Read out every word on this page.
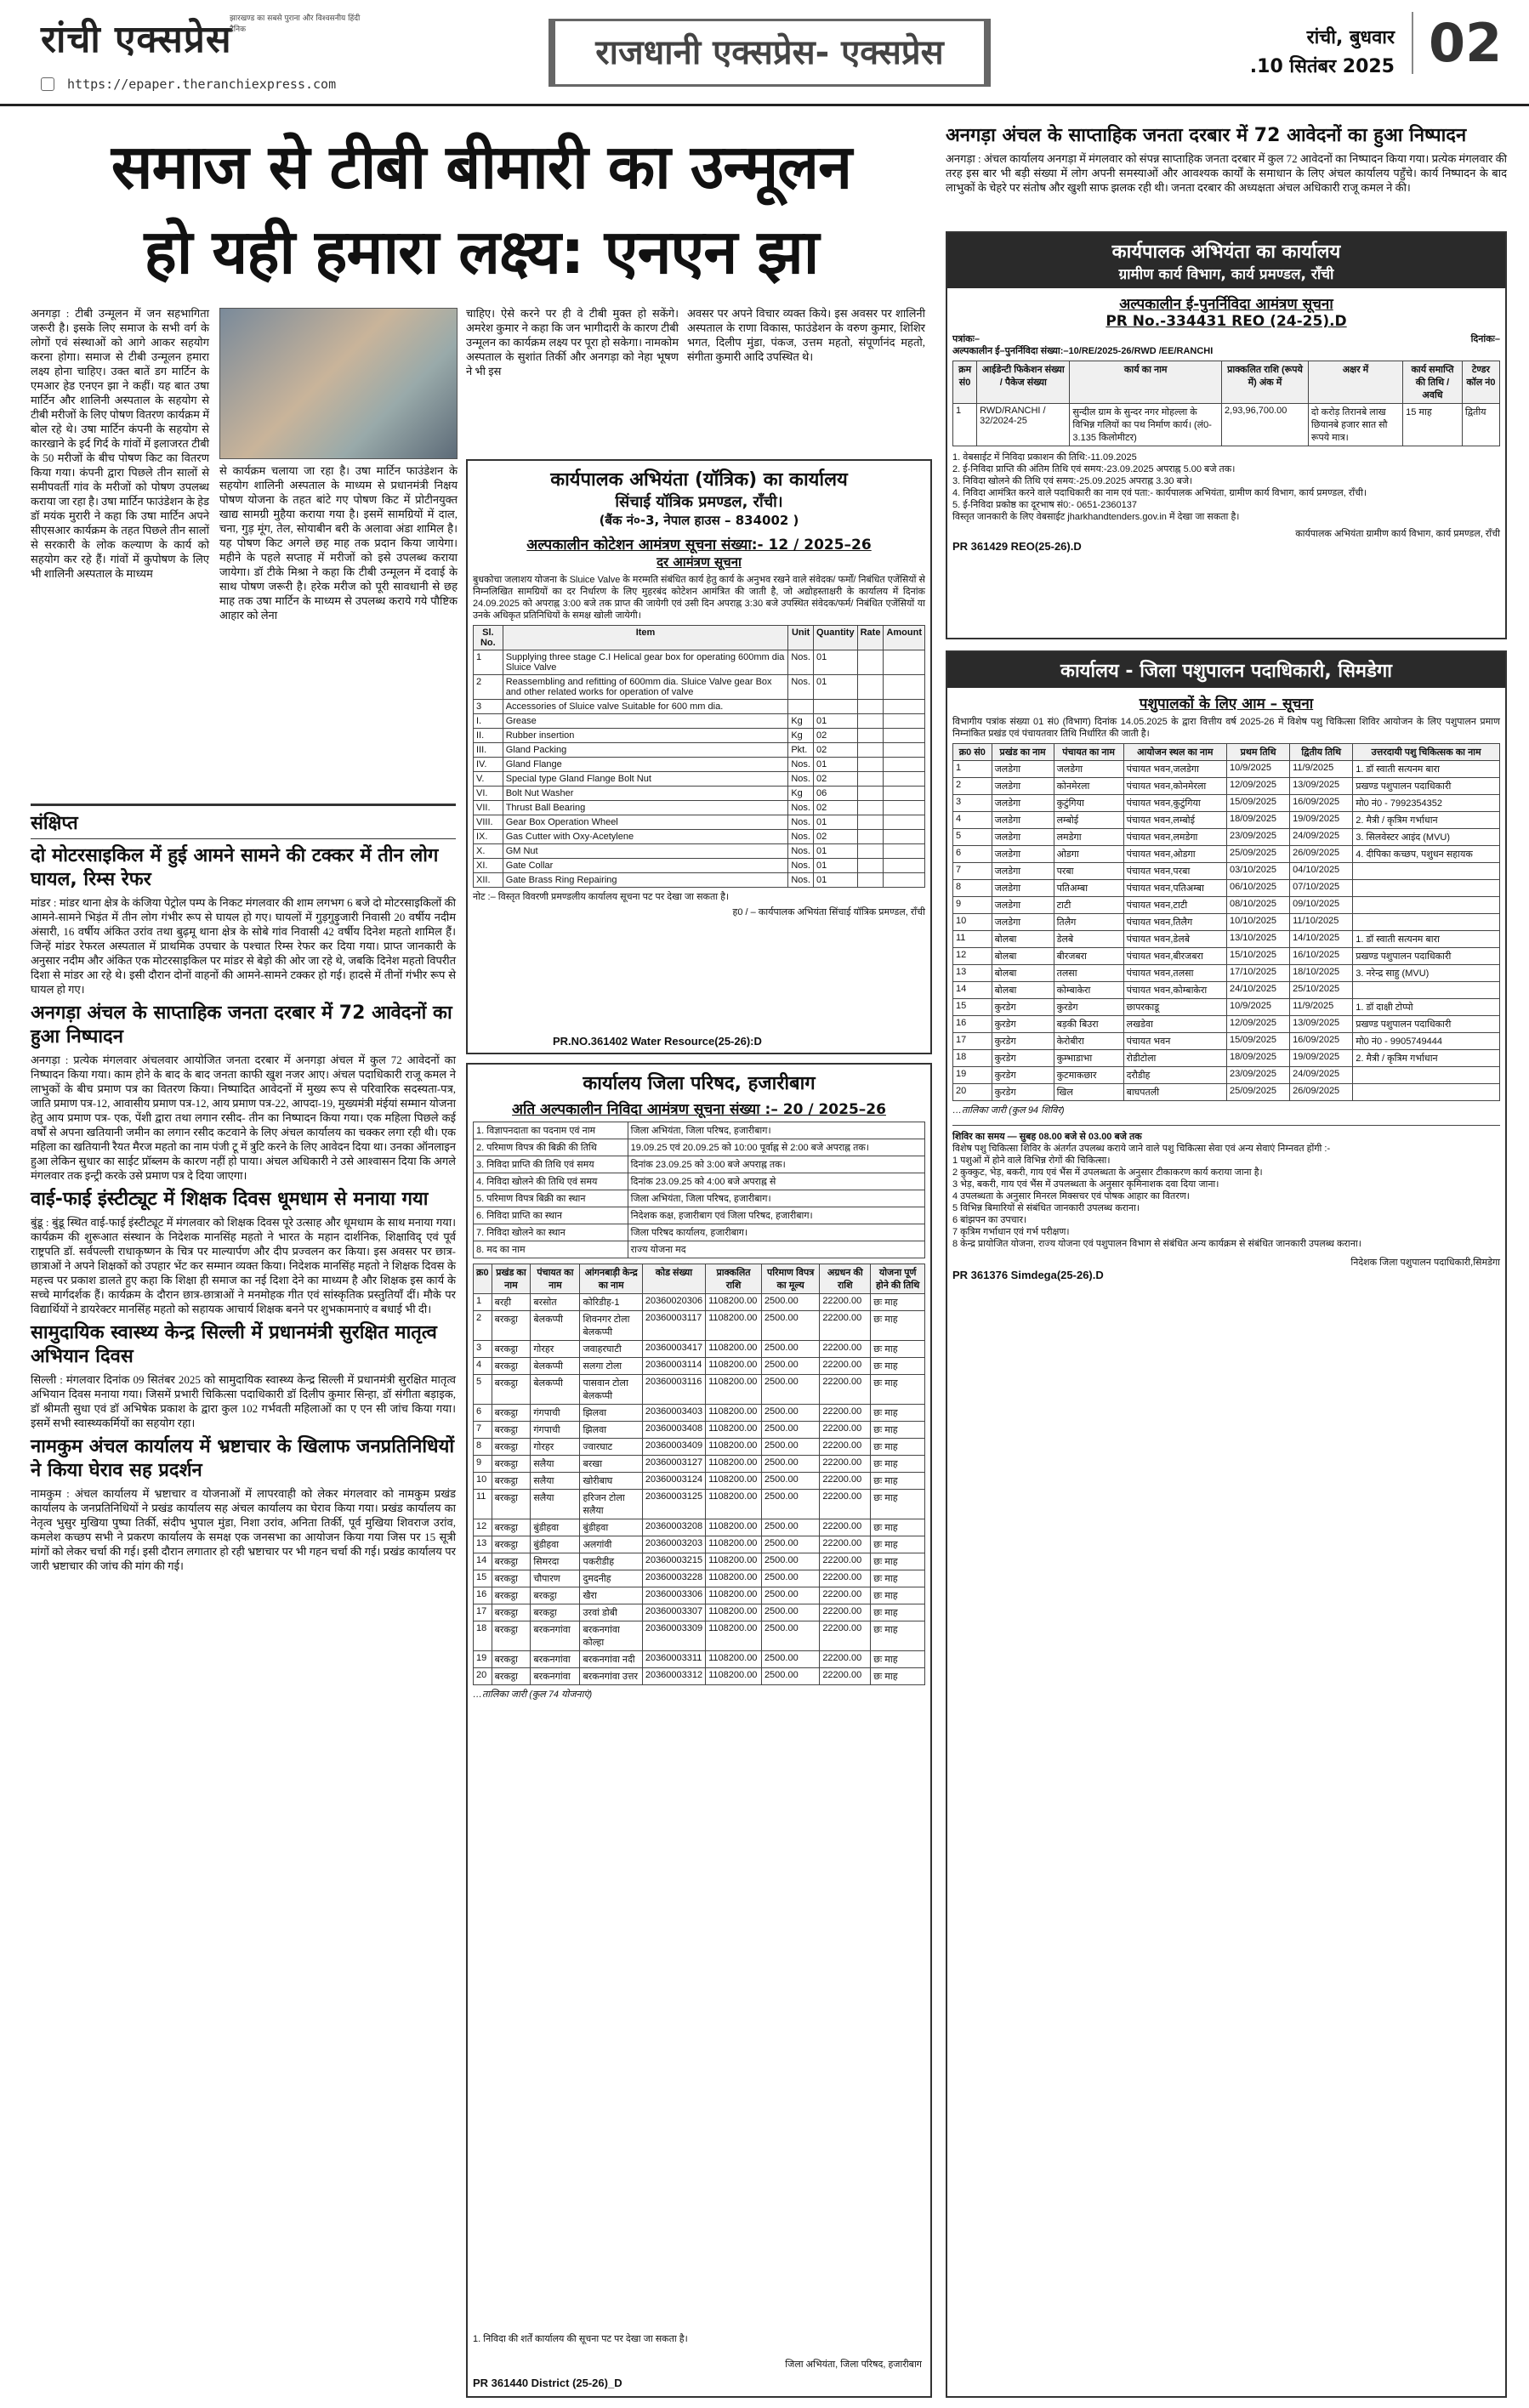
रांची एक्सप्रेस
झारखण्ड का सबसे पुराना और विश्वसनीय हिंदी दैनिक
https://epaper.theranchiexpress.com
राजधानी एक्सप्रेस- एक्सप्रेस	रांची, बुधवार
.10 सितंबर 2025 02
समाज से टीबी बीमारी का उन्मूलन
हो यही हमारा लक्ष्य: एनएन झा
अनगड़ा : टीबी उन्मूलन में जन सहभागिता जरूरी है। इसके लिए समाज के सभी वर्ग के लोगों एवं संस्थाओं को आगे आकर सहयोग करना होगा। समाज से टीबी उन्मूलन हमारा लक्ष्य होना चाहिए। उक्त बातें डग मार्टिन के एमआर हेड एनएन झा ने कहीं। यह बात उषा मार्टिन और शालिनी अस्पताल के सहयोग से टीबी मरीजों के लिए पोषण वितरण कार्यक्रम में बोल रहे थे। उषा मार्टिन कंपनी के सहयोग से कारखाने के इर्द गिर्द के गांवों में इलाजरत टीबी के 50 मरीजों के बीच पोषण किट का वितरण किया गया। कंपनी द्वारा पिछले तीन सालों से समीपवर्ती गांव के मरीजों को पोषण उपलब्ध कराया जा रहा है। उषा मार्टिन फाउंडेशन के हेड डॉ मयंक मुरारी ने कहा कि उषा मार्टिन अपने सीएसआर कार्यक्रम के तहत पिछले तीन सालों से सरकारी के लोक कल्याण के कार्य को सहयोग कर रहे हैं। गांवों में कुपोषण के लिए भी शालिनी अस्पताल के माध्यम
से कार्यक्रम चलाया जा रहा है। उषा मार्टिन फाउंडेशन के सहयोग शालिनी अस्पताल के माध्यम से प्रधानमंत्री निक्षय पोषण योजना के तहत बांटे गए पोषण किट में प्रोटीनयुक्त खाद्य सामग्री मुहैया कराया गया है। इसमें सामग्रियों में दाल, चना, गुड़ मूंग, तेल, सोयाबीन बरी के अलावा अंडा शामिल है। यह पोषण किट अगले छह माह तक प्रदान किया जायेगा। महीने के पहले सप्ताह में मरीजों को इसे उपलब्ध कराया जायेगा। डॉ टीके मिश्रा ने कहा कि टीबी उन्मूलन में दवाई के साथ पोषण जरूरी है। हरेक मरीज को पूरी सावधानी से छह माह तक उषा मार्टिन के माध्यम से उपलब्ध कराये गये पौष्टिक आहार को लेना
चाहिए। ऐसे करने पर ही वे टीबी मुक्त हो सकेंगे। अमरेश कुमार ने कहा कि जन भागीदारी के कारण टीबी उन्मूलन का कार्यक्रम लक्ष्य पर पूरा हो सकेगा। नामकोम अस्पताल के सुशांत तिर्की और अनगड़ा को नेहा भूषण ने भी इस
अवसर पर अपने विचार व्यक्त किये। इस अवसर पर शालिनी अस्पताल के राणा विकास, फाउंडेशन के वरुण कुमार, शिशिर भगत, दिलीप मुंडा, पंकज, उत्तम महतो, संपूर्णानंद महतो, संगीता कुमारी आदि उपस्थित थे।
कार्यपालक अभियंता (यॉत्रिक) का कार्यालय
सिंचाई यॉत्रिक प्रमण्डल, राँची।
(बैंक नं०-3, नेपाल हाउस – 834002 )
अल्पकालीन कोटेशन आमंत्रण सूचना संख्या:- 12 / 2025–26
दर आमंत्रण सूचना
बुधकोचा जलाशय योजना के Sluice Valve के मरम्मति संबंधित कार्य हेतु कार्य के अनुभव रखने वाले संवेदक/ फर्मों/ निबंधित एजेंसियों से निम्नलिखित सामग्रियों का दर निर्धारण के लिए मुहरबंद कोटेशन आमंत्रित की जाती है, जो अद्योहस्ताक्षरी के कार्यालय में दिनांक 24.09.2025 को अपराह्न 3:00 बजे तक प्राप्त की जायेगी एवं उसी दिन अपराह्न 3:30 बजे उपस्थित संवेदक/फर्म/ निबंधित एजेंसियों या उनके अधिकृत प्रतिनिधियों के समक्ष खोली जायेगी।
Sl. No.	Item	Unit	Quantity	Rate	Amount
1	Supplying three stage C.I Helical gear box for operating 600mm dia Sluice Valve	Nos.	01		
2	Reassembling and refitting of 600mm dia. Sluice Valve gear Box and other related works for operation of valve	Nos.	01		
3	Accessories of Sluice valve Suitable for 600 mm dia.				
I.	Grease	Kg	01		
II.	Rubber insertion	Kg	02		
III.	Gland Packing	Pkt.	02		
IV.	Gland Flange	Nos.	01		
V.	Special type Gland Flange Bolt Nut	Nos.	02		
VI.	Bolt Nut Washer	Kg	06		
VII.	Thrust Ball Bearing	Nos.	02		
VIII.	Gear Box Operation Wheel	Nos.	01		
IX.	Gas Cutter with Oxy-Acetylene	Nos.	02		
X.	GM Nut	Nos.	01		
XI.	Gate Collar	Nos.	01		
XII.	Gate Brass Ring Repairing	Nos.	01		
नोट :– विस्तृत विवरणी प्रमण्डलीय कार्यालय सूचना पट पर देखा जा सकता है।
ह0 / – कार्यपालक अभियंता सिंचाई यॉत्रिक प्रमण्डल, राँची
PR.NO.361402 Water Resource(25-26):D
संक्षिप्त
दो मोटरसाइकिल में हुई आमने सामने की टक्कर में तीन लोग घायल, रिम्स रेफर
मांडर : मांडर थाना क्षेत्र के कंजिया पेट्रोल पम्प के निकट मंगलवार की शाम लगभग 6 बजे दो मोटरसाइकिलों की आमने-सामने भिड़ंत में तीन लोग गंभीर रूप से घायल हो गए। घायलों में गुड़गुड़ुजारी निवासी 20 वर्षीय नदीम अंसारी, 16 वर्षीय अंकित उरांव तथा बुढ़मू थाना क्षेत्र के सोबे गांव निवासी 42 वर्षीय दिनेश महतो शामिल हैं। जिन्हें मांडर रेफरल अस्पताल में प्राथमिक उपचार के पश्चात रिम्स रेफर कर दिया गया। प्राप्त जानकारी के अनुसार नदीम और अंकित एक मोटरसाइकिल पर मांडर से बेड़ो की ओर जा रहे थे, जबकि दिनेश महतो विपरीत दिशा से मांडर आ रहे थे। इसी दौरान दोनों वाहनों की आमने-सामने टक्कर हो गई। हादसे में तीनों गंभीर रूप से घायल हो गए।
अनगड़ा अंचल के साप्ताहिक जनता दरबार में 72 आवेदनों का हुआ निष्पादन
अनगड़ा : प्रत्येक मंगलवार अंचलवार आयोजित जनता दरबार में अनगड़ा अंचल में कुल 72 आवेदनों का निष्पादन किया गया। काम होने के बाद के बाद जनता काफी खुश नजर आए। अंचल पदाधिकारी राजू कमल ने लाभुकों के बीच प्रमाण पत्र का वितरण किया। निष्पादित आवेदनों में मुख्य रूप से परिवारिक सदस्यता-पत्र, जाति प्रमाण पत्र-12, आवासीय प्रमाण पत्र-12, आय प्रमाण पत्र-22, आपदा-19, मुख्यमंत्री मंईयां सम्मान योजना हेतु आय प्रमाण पत्र- एक, पेंशी द्वारा तथा लगान रसीद- तीन का निष्पादन किया गया। एक महिला पिछले कई वर्षों से अपना खतियानी जमीन का लगान रसीद कटवाने के लिए अंचल कार्यालय का चक्कर लगा रही थी। एक महिला का खतियानी रैयत मैरज महतो का नाम पंजी टू में त्रुटि करने के लिए आवेदन दिया था। उनका ऑनलाइन हुआ लेकिन सुधार का साईट प्रॉब्लम के कारण नहीं हो पाया। अंचल अधिकारी ने उसे आश्वासन दिया कि अगले मंगलवार तक इन्ट्री करके उसे प्रमाण पत्र दे दिया जाएगा।
वाई-फाई इंस्टीट्यूट में शिक्षक दिवस धूमधाम से मनाया गया
बुंडू : बुंडू स्थित वाई-फाई इंस्टीट्यूट में मंगलवार को शिक्षक दिवस पूरे उत्साह और धूमधाम के साथ मनाया गया। कार्यक्रम की शुरूआत संस्थान के निदेशक मानसिंह महतो ने भारत के महान दार्शनिक, शिक्षाविद् एवं पूर्व राष्ट्रपति डॉ. सर्वपल्ली राधाकृष्णन के चित्र पर माल्यार्पण और दीप प्रज्वलन कर किया। इस अवसर पर छात्र-छात्राओं ने अपने शिक्षकों को उपहार भेंट कर सम्मान व्यक्त किया। निदेशक मानसिंह महतो ने शिक्षक दिवस के महत्त्व पर प्रकाश डालते हुए कहा कि शिक्षा ही समाज का नई दिशा देने का माध्यम है और शिक्षक इस कार्य के सच्चे मार्गदर्शक हैं। कार्यक्रम के दौरान छात्र-छात्राओं ने मनमोहक गीत एवं सांस्कृतिक प्रस्तुतियाँ दीं। मौके पर विद्यार्थियों ने डायरेक्टर मानसिंह महतो को सहायक आचार्य शिक्षक बनने पर शुभकामनाएं व बधाई भी दी।
सामुदायिक स्वास्थ्य केन्द्र सिल्ली में प्रधानमंत्री सुरक्षित मातृत्व अभियान दिवस
सिल्ली : मंगलवार दिनांक 09 सितंबर 2025 को सामुदायिक स्वास्थ्य केन्द्र सिल्ली में प्रधानमंत्री सुरक्षित मातृत्व अभियान दिवस मनाया गया। जिसमें प्रभारी चिकित्सा पदाधिकारी डॉ दिलीप कुमार सिन्हा, डॉ संगीता बड़ाइक, डॉ श्रीमती सुधा एवं डॉ अभिषेक प्रकाश के द्वारा कुल 102 गर्भवती महिलाओं का ए एन सी जांच किया गया। इसमें सभी स्वास्थ्यकर्मियों का सहयोग रहा।
नामकुम अंचल कार्यालय में भ्रष्टाचार के खिलाफ जनप्रतिनिधियों ने किया घेराव सह प्रदर्शन
नामकुम : अंचल कार्यालय में भ्रष्टाचार व योजनाओं में लापरवाही को लेकर मंगलवार को नामकुम प्रखंड कार्यालय के जनप्रतिनिधियों ने प्रखंड कार्यालय सह अंचल कार्यालय का घेराव किया गया। प्रखंड कार्यालय का नेतृत्व भुसुर मुखिया पुष्पा तिर्की, संदीप भुपाल मुंडा, निशा उरांव, अनिता तिर्की, पूर्व मुखिया शिवराज उरांव, कमलेश कच्छप सभी ने प्रकरण कार्यालय के समक्ष एक जनसभा का आयोजन किया गया जिस पर 15 सूत्री मांगों को लेकर चर्चा की गई। इसी दौरान लगातार हो रही भ्रष्टाचार पर भी गहन चर्चा की गई। प्रखंड कार्यालय पर जारी भ्रष्टाचार की जांच की मांग की गई।
कार्यालय जिला परिषद, हजारीबाग
अति अल्पकालीन निविदा आमंत्रण सूचना संख्या :– 20 / 2025–26
1. विज्ञापनदाता का पदनाम एवं नाम	जिला अभियंता, जिला परिषद, हजारीबाग।
2. परिमाण विपत्र की बिक्री की तिथि	19.09.25 एवं 20.09.25 को 10:00 पूर्वाह्न से 2:00 बजे अपराह्न तक।
3. निविदा प्राप्ति की तिथि एवं समय	दिनांक 23.09.25 को 3:00 बजे अपराह्न तक।
4. निविदा खोलने की तिथि एवं समय	दिनांक 23.09.25 को 4:00 बजे अपराह्न से
5. परिमाण विपत्र बिक्री का स्थान	जिला अभियंता, जिला परिषद, हजारीबाग।
6. निविदा प्राप्ति का स्थान	निदेशक कक्ष, हजारीबाग एवं जिला परिषद, हजारीबाग।
7. निविदा खोलने का स्थान	जिला परिषद कार्यालय, हजारीबाग।
8. मद का नाम	राज्य योजना मद
क्र0	प्रखंड का नाम	पंचायत का नाम	आंगनबाड़ी केन्द्र का नाम	कोड संख्या	प्राक्कलित राशि	परिमाण विपत्र का मूल्य	अग्रधन की राशि	योजना पूर्ण होने की तिथि
1	बरही	बरसोत	कोरिडीह-1	20360020306	1108200.00	2500.00	22200.00	छः माह
2	बरकट्ठा	बेलकप्पी	शिवनगर टोला बेलकप्पी	20360003117	1108200.00	2500.00	22200.00	छः माह
3	बरकट्ठा	गोरहर	जवाहरघाटी	20360003417	1108200.00	2500.00	22200.00	छः माह
4	बरकट्ठा	बेलकप्पी	सलगा टोला	20360003114	1108200.00	2500.00	22200.00	छः माह
5	बरकट्ठा	बेलकप्पी	पासवान टोला बेलकप्पी	20360003116	1108200.00	2500.00	22200.00	छः माह
6	बरकट्ठा	गंगपाची	झिलवा	20360003403	1108200.00	2500.00	22200.00	छः माह
7	बरकट्ठा	गंगपाची	झिलवा	20360003408	1108200.00	2500.00	22200.00	छः माह
8	बरकट्ठा	गोरहर	ज्वारघाट	20360003409	1108200.00	2500.00	22200.00	छः माह
9	बरकट्ठा	सलैया	बरखा	20360003127	1108200.00	2500.00	22200.00	छः माह
10	बरकट्ठा	सलैया	खोरीबाघ	20360003124	1108200.00	2500.00	22200.00	छः माह
11	बरकट्ठा	सलैया	हरिजन टोला सलैया	20360003125	1108200.00	2500.00	22200.00	छः माह
12	बरकट्ठा	बुंडीहवा	बुंडीहवा	20360003208	1108200.00	2500.00	22200.00	छः माह
13	बरकट्ठा	बुंडीहवा	अलगांवी	20360003203	1108200.00	2500.00	22200.00	छः माह
14	बरकट्ठा	सिमरदा	पकरीडीह	20360003215	1108200.00	2500.00	22200.00	छः माह
15	बरकट्ठा	चौपारण	दुमदनीह	20360003228	1108200.00	2500.00	22200.00	छः माह
16	बरकट्ठा	बरकट्ठा	खैरा	20360003306	1108200.00	2500.00	22200.00	छः माह
17	बरकट्ठा	बरकट्ठा	उरवां डोबी	20360003307	1108200.00	2500.00	22200.00	छः माह
18	बरकट्ठा	बरकनगांवा	बरकनगांवा कोल्हा	20360003309	1108200.00	2500.00	22200.00	छः माह
19	बरकट्ठा	बरकनगांवा	बरकनगांवा नदी	20360003311	1108200.00	2500.00	22200.00	छः माह
20	बरकट्ठा	बरकनगांवा	बरकनगांवा उत्तर	20360003312	1108200.00	2500.00	22200.00	छः माह
…तालिका जारी (कुल 74 योजनाएं)
1. निविदा की शर्तें कार्यालय की सूचना पट पर देखा जा सकता है।
जिला अभियंता, जिला परिषद, हजारीबाग
PR 361440 District (25-26)_D
अनगड़ा अंचल के साप्ताहिक जनता दरबार में 72 आवेदनों का हुआ निष्पादन
अनगड़ा : अंचल कार्यालय अनगड़ा में मंगलवार को संपन्न साप्ताहिक जनता दरबार में कुल 72 आवेदनों का निष्पादन किया गया। प्रत्येक मंगलवार की तरह इस बार भी बड़ी संख्या में लोग अपनी समस्याओं और आवश्यक कार्यों के समाधान के लिए अंचल कार्यालय पहुँचे। कार्य निष्पादन के बाद लाभुकों के चेहरे पर संतोष और खुशी साफ झलक रही थी। जनता दरबार की अध्यक्षता अंचल अधिकारी राजू कमल ने की।
कार्यपालक अभियंता का कार्यालय
ग्रामीण कार्य विभाग, कार्य प्रमण्डल, राँची
अल्पकालीन ई-पुनर्निविदा आमंत्रण सूचना
PR No.-334431 REO (24-25).D
पत्रांकः–	दिनांकः–
अल्पकालीन ई–पुनर्निविदा संख्या:–10/RE/2025-26/RWD /EE/RANCHI
क्रम सं0	आईडेन्टी फिकेशन संख्या / पैकेज संख्या	कार्य का नाम	प्राक्कलित राशि (रूपये में) अंक में	अक्षर में	कार्य समाप्ति की तिथि / अवधि	टेण्डर कॉल नं0
1	RWD/RANCHI / 32/2024-25	सुन्दील ग्राम के सुन्दर नगर मोहल्ला के विभिन्न गलियों का पथ निर्माण कार्य। (लं0-3.135 किलोमीटर)	2,93,96,700.00	दो करोड़ तिरानबे लाख छियानबे हजार सात सौ रूपये मात्र।	15 माह	द्वितीय
1. वेबसाईट में निविदा प्रकाशन की तिथि:-11.09.2025
2. ई-निविदा प्राप्ति की अंतिम तिथि एवं समय:-23.09.2025 अपराह्न 5.00 बजे तक।
3. निविदा खोलने की तिथि एवं समय:-25.09.2025 अपराह्न 3.30 बजे।
4. निविदा आमंत्रित करने वाले पदाधिकारी का नाम एवं पता:- कार्यपालक अभियंता, ग्रामीण कार्य विभाग, कार्य प्रमण्डल, राँची।
5. ई-निविदा प्रकोष्ठ का दूरभाष सं0:- 0651-2360137
विस्तृत जानकारी के लिए वेबसाईट jharkhandtenders.gov.in में देखा जा सकता है।
कार्यपालक अभियंता ग्रामीण कार्य विभाग, कार्य प्रमण्डल, राँची
PR 361429 REO(25-26).D
कार्यालय - जिला पशुपालन पदाधिकारी, सिमडेगा
पशुपालकों के लिए आम – सूचना
विभागीय पत्रांक संख्या 01 सं0 (विभाग) दिनांक 14.05.2025 के द्वारा वित्तीय वर्ष 2025-26 में विशेष पशु चिकित्सा शिविर आयोजन के लिए पशुपालन प्रमाण निम्नांकित प्रखंड एवं पंचायतवार तिथि निर्धारित की जाती है।
क्र0 सं0	प्रखंड का नाम	पंचायत का नाम	आयोजन स्थल का नाम	प्रथम तिथि	द्वितीय तिथि	उत्तरदायी पशु चिकित्सक का नाम
1	जलडेगा	जलडेगा	पंचायत भवन,जलडेगा	10/9/2025	11/9/2025	1. डॉ स्वाती सत्यनम बारा
2	जलडेगा	कोनमेरला	पंचायत भवन,कोनमेरला	12/09/2025	13/09/2025	प्रखण्ड पशुपालन पदाधिकारी
3	जलडेगा	कुटुंगिया	पंचायत भवन,कुटुंगिया	15/09/2025	16/09/2025	मो0 नं0 - 7992354352
4	जलडेगा	लम्बोई	पंचायत भवन,लम्बोई	18/09/2025	19/09/2025	2. मैत्री / कृत्रिम गर्भाधान
5	जलडेगा	लमडेगा	पंचायत भवन,लमडेगा	23/09/2025	24/09/2025	3. सिलवेस्टर आइंद (MVU)
6	जलडेगा	ओडगा	पंचायत भवन,ओडगा	25/09/2025	26/09/2025	4. दीपिका कच्छप, पशुधन सहायक
7	जलडेगा	परबा	पंचायत भवन,परबा	03/10/2025	04/10/2025	
8	जलडेगा	पतिअम्बा	पंचायत भवन,पतिअम्बा	06/10/2025	07/10/2025	
9	जलडेगा	टाटी	पंचायत भवन,टाटी	08/10/2025	09/10/2025	
10	जलडेगा	तिलैग	पंचायत भवन,तिलैग	10/10/2025	11/10/2025	
11	बोलबा	डेलबे	पंचायत भवन,डेलबे	13/10/2025	14/10/2025	1. डॉ स्वाती सत्यनम बारा
12	बोलबा	बीरजबरा	पंचायत भवन,बीरजबरा	15/10/2025	16/10/2025	प्रखण्ड पशुपालन पदाधिकारी
13	बोलबा	तलसा	पंचायत भवन,तलसा	17/10/2025	18/10/2025	3. नरेन्द्र साहु (MVU)
14	बोलबा	कोम्बाकेरा	पंचायत भवन,कोम्बाकेरा	24/10/2025	25/10/2025	
15	कुरडेग	कुरडेग	छापरकाडू	10/9/2025	11/9/2025	1. डॉ दाक्षी टोप्पो
16	कुरडेग	बड़की बिउरा	लखडेवा	12/09/2025	13/09/2025	प्रखण्ड पशुपालन पदाधिकारी
17	कुरडेग	केरोबीरा	पंचायत भवन	15/09/2025	16/09/2025	मो0 नं0 - 9905749444
18	कुरडेग	कुम्भाडाभा	रोडीटोला	18/09/2025	19/09/2025	2. मैत्री / कृत्रिम गर्भाधान
19	कुरडेग	कुटमाकछार	दरौडीह	23/09/2025	24/09/2025	
20	कुरडेग	खिल	बाघपतली	25/09/2025	26/09/2025	
…तालिका जारी (कुल 94 शिविर)
शिविर का समय — सुबह 08.00 बजे से 03.00 बजे तक
विशेष पशु चिकित्सा शिविर के अंतर्गत उपलब्ध कराये जाने वाले पशु चिकित्सा सेवा एवं अन्य सेवाएं निम्नवत होंगी :-
1 पशुओं में होने वाले विभिन्न रोगों की चिकित्सा।
2 कुक्कुट, भेड़, बकरी, गाय एवं भैंस में उपलब्धता के अनुसार टीकाकरण कार्य कराया जाना है।
3 भेड़, बकरी, गाय एवं भैंस में उपलब्धता के अनुसार कृमिनाशक दवा दिया जाना।
4 उपलब्धता के अनुसार मिनरल मिक्सचर एवं पोषक आहार का वितरण।
5 विभिन्न बिमारियों से संबंधित जानकारी उपलब्ध कराना।
6 बांझपन का उपचार।
7 कृत्रिम गर्भाधान एवं गर्भ परीक्षण।
8 केन्द्र प्रायोजित योजना, राज्य योजना एवं पशुपालन विभाग से संबंधित अन्य कार्यक्रम से संबंधित जानकारी उपलब्ध कराना।
निदेशक जिला पशुपालन पदाधिकारी,सिमडेगा
PR 361376 Simdega(25-26).D
